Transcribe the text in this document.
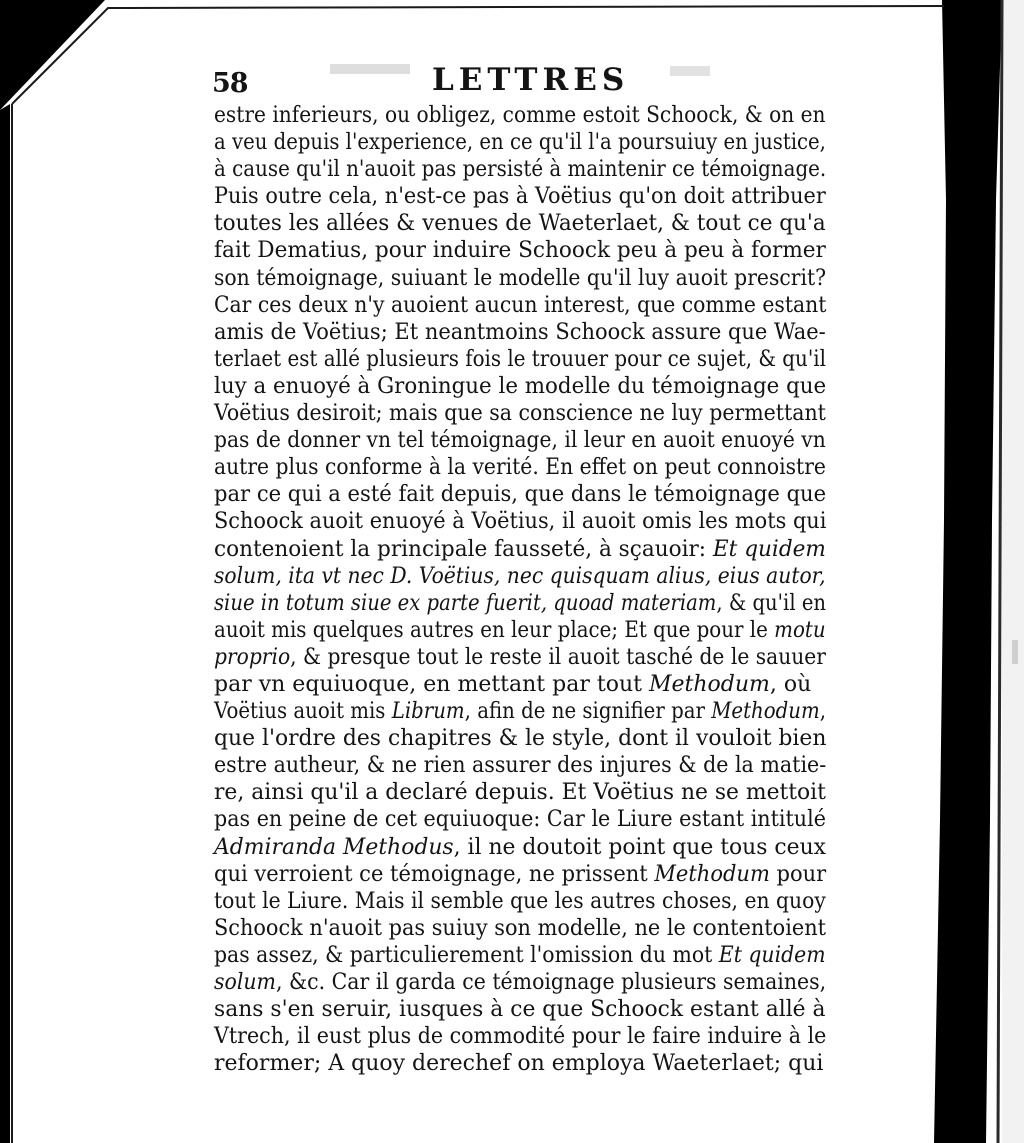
58	LETTRES
estre inferieurs, ou obligez, comme estoit Schoock, & on en
a veu depuis l'experience, en ce qu'il l'a poursuiuy en justice,
à cause qu'il n'auoit pas persisté à maintenir ce témoignage.
Puis outre cela, n'est-ce pas à Voëtius qu'on doit attribuer
toutes les allées & venues de Waeterlaet, & tout ce qu'a
fait Dematius, pour induire Schoock peu à peu à former
son témoignage, suiuant le modelle qu'il luy auoit prescrit?
Car ces deux n'y auoient aucun interest, que comme estant
amis de Voëtius; Et neantmoins Schoock assure que Wae-
terlaet est allé plusieurs fois le trouuer pour ce sujet, & qu'il
luy a enuoyé à Groningue le modelle du témoignage que
Voëtius desiroit; mais que sa conscience ne luy permettant
pas de donner vn tel témoignage, il leur en auoit enuoyé vn
autre plus conforme à la verité. En effet on peut connoistre
par ce qui a esté fait depuis, que dans le témoignage que
Schoock auoit enuoyé à Voëtius, il auoit omis les mots qui
contenoient la principale fausseté, à sçauoir: Et quidem
solum, ita vt nec D. Voëtius, nec quisquam alius, eius autor,
siue in totum siue ex parte fuerit, quoad materiam, & qu'il en
auoit mis quelques autres en leur place; Et que pour le motu
proprio, & presque tout le reste il auoit tasché de le sauuer
par vn equiuoque, en mettant par tout Methodum, où
Voëtius auoit mis Librum, afin de ne signifier par Methodum,
que l'ordre des chapitres & le style, dont il vouloit bien
estre autheur, & ne rien assurer des injures & de la matie-
re, ainsi qu'il a declaré depuis. Et Voëtius ne se mettoit
pas en peine de cet equiuoque: Car le Liure estant intitulé
Admiranda Methodus, il ne doutoit point que tous ceux
qui verroient ce témoignage, ne prissent Methodum pour
tout le Liure. Mais il semble que les autres choses, en quoy
Schoock n'auoit pas suiuy son modelle, ne le contentoient
pas assez, & particulierement l'omission du mot Et quidem
solum, &c. Car il garda ce témoignage plusieurs semaines,
sans s'en seruir, iusques à ce que Schoock estant allé à
Vtrech, il eust plus de commodité pour le faire induire à le
reformer; A quoy derechef on employa Waeterlaet; qui
